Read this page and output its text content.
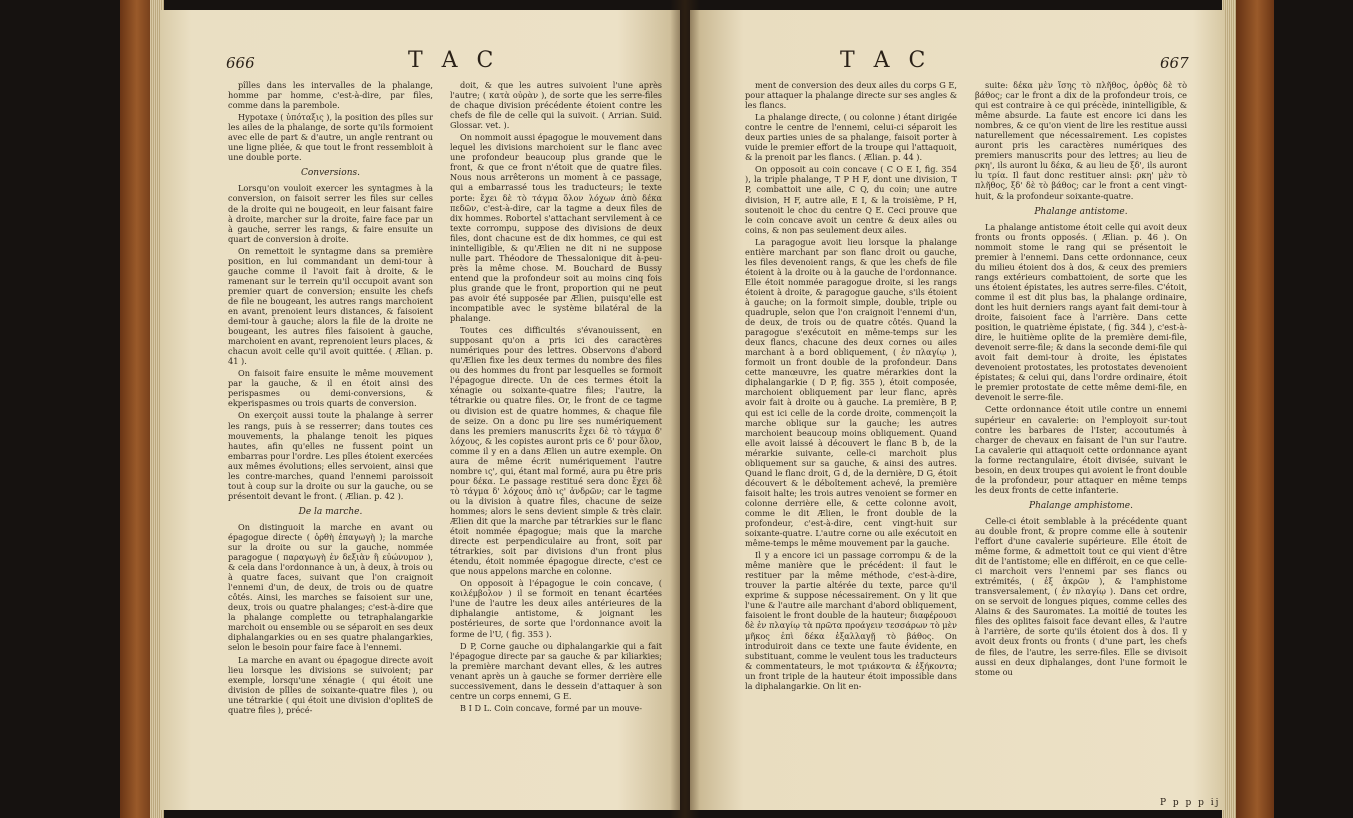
666	T A C

pîlles dans les intervalles de la phalange, homme par homme, c'est-à-dire, par files, comme dans la parembole.

Hypotaxe ( ὑπόταξις ), la position des pîles sur les ailes de la phalange, de sorte qu'ils formoient avec elle de part & d'autre, un angle rentrant ou une ligne pliée, & que tout le front ressembloit à une double porte.

Conversions.

Lorsqu'on vouloit exercer les syntagmes à la conversion, on faisoit serrer les files sur celles de la droite qui ne bougeoit, en leur faisant faire à droite, marcher sur la droite, faire face par un à gauche, serrer les rangs, & faire ensuite un quart de conversion à droite.

On remettoit le syntagme dans sa première position, en lui commandant un demi-tour à gauche comme il l'avoit fait à droite, & le ramenant sur le terrein qu'il occupoit avant son premier quart de conversion; ensuite les chefs de file ne bougeant, les autres rangs marchoient en avant, prenoient leurs distances, & faisoient demi-tour à gauche; alors la file de la droite ne bougeant, les autres files faisoient à gauche, marchoient en avant, reprenoient leurs places, & chacun avoit celle qu'il avoit quittée. ( Ælian. p. 41 ).

On faisoit faire ensuite le même mouvement par la gauche, & il en étoit ainsi des perispasmes ou demi-conversions, & ekperispasmes ou trois quarts de conversion.

On exerçoit aussi toute la phalange à serrer les rangs, puis à se resserrer; dans toutes ces mouvements, la phalange tenoit les piques hautes, afin qu'elles ne fussent point un embarras pour l'ordre. Les pîles étoient exercées aux mêmes évolutions; elles servoient, ainsi que les contre-marches, quand l'ennemi paroissoit tout à coup sur la droite ou sur la gauche, ou se présentoit devant le front. ( Ælian. p. 42 ).

De la marche.

On distinguoit la marche en avant ou épagogue directe ( ὀρθὴ ἐπαγωγὴ ); la marche sur la droite ou sur la gauche, nommée paragogue ( παραγωγὴ ἐν δεξιὰν ἢ εὐώνυμον ), & cela dans l'ordonnance à un, à deux, à trois ou à quatre faces, suivant que l'on craignoit l'ennemi d'un, de deux, de trois ou de quatre côtés. Ainsi, les marches se faisoient sur une, deux, trois ou quatre phalanges; c'est-à-dire que la phalange complette ou tetraphalangarkie marchoit ou ensemble ou se séparoit en ses deux diphalangarkies ou en ses quatre phalangarkies, selon le besoin pour faire face à l'ennemi.

La marche en avant ou épagogue directe avoit lieu lorsque les divisions se suivoient; par exemple, lorsqu'une xénagie ( qui étoit une division de pîlles de soixante-quatre files ), ou une tétrarkie ( qui étoit une division d'opliteS de quatre files ), précé-

doit, & que les autres suivoient l'une après l'autre; ( κατὰ οὐρὰν ), de sorte que les serre-files de chaque division précédente étoient contre les chefs de file de celle qui la suivoit. ( Arrian. Suid. Glossar. vet. ).

On nommoit aussi épagogue le mouvement dans lequel les divisions marchoient sur le flanc avec une profondeur beaucoup plus grande que le front, & que ce front n'étoit que de quatre files. Nous nous arrêterons un moment à ce passage, qui a embarrassé tous les traducteurs; le texte porte: ἔχει δὲ τὸ τάγμα ὅλον λόχων ἀπὸ δέκα πεδῶν, c'est-à-dire, car la tagme a deux files de dix hommes. Robortel s'attachant servilement à ce texte corrompu, suppose des divisions de deux files, dont chacune est de dix hommes, ce qui est inintelligible, & qu'Ælien ne dit ni ne suppose nulle part. Théodore de Thessalonique dit à-peu-près la même chose. M. Bouchard de Bussy entend que la profondeur soit au moins cinq fois plus grande que le front, proportion qui ne peut pas avoir été supposée par Ælien, puisqu'elle est incompatible avec le système bilatéral de la phalange.

Toutes ces difficultés s'évanouissent, en supposant qu'on a pris ici des caractères numériques pour des lettres. Observons d'abord qu'Ælien fixe les deux termes du nombre des files ou des hommes du front par lesquelles se formoit l'épagogue directe. Un de ces termes étoit la xénagie ou soixante-quatre files; l'autre, la tétrarkie ou quatre files. Or, le front de ce tagme ou division est de quatre hommes, & chaque file de seize. On a donc pu lire ses numériquement dans les premiers manuscrits ἔχει δὲ τὸ τάγμα δ' λόχους, & les copistes auront pris ce δ' pour ὅλον, comme il y en a dans Ælien un autre exemple. On aura de même écrit numériquement l'autre nombre ις', qui, étant mal formé, aura pu être pris pour δέκα. Le passage restitué sera donc ἔχει δὲ τὸ τάγμα δ' λόχους ἀπὸ ις' ἀνδρῶν; car le tagme ou la division à quatre files, chacune de seize hommes; alors le sens devient simple & très clair. Ælien dit que la marche par tétrarkies sur le flanc étoit nommée épagogue; mais que la marche directe est perpendiculaire au front, soit par tétrarkies, soit par divisions d'un front plus étendu, étoit nommée épagogue directe, c'est ce que nous appelons marche en colonne.

On opposoit à l'épagogue le coin concave, ( κοιλέμβολον ) il se formoit en tenant écartées l'une de l'autre les deux ailes antérieures de la diphalangie antistome, & joignant les postérieures, de sorte que l'ordonnance avoit la forme de l'U, ( fig. 353 ).

D P, Corne gauche ou diphalangarkie qui a fait l'épagogue directe par sa gauche & par kiliarkies; la première marchant devant elles, & les autres venant après un à gauche se former derrière elle successivement, dans le dessein d'attaquer à son centre un corps ennemi, G E.

B I D L. Coin concave, formé par un mouve-

T A C	667

ment de conversion des deux ailes du corps G E, pour attaquer la phalange directe sur ses angles & les flancs.

La phalange directe, ( ou colonne ) étant dirigée contre le centre de l'ennemi, celui-ci séparoit les deux parties unies de sa phalange, faisoit porter à vuide le premier effort de la troupe qui l'attaquoit, & la prenoit par les flancs. ( Ælian. p. 44 ).

On opposoit au coin concave ( C O E I, fig. 354 ), la triple phalange, T P H F, dont une division, T P, combattoit une aile, C Q, du coin; une autre division, H F, autre aile, E I, & la troisième, P H, soutenoit le choc du centre Q E. Ceci prouve que le coin concave avoit un centre & deux ailes ou coins, & non pas seulement deux ailes.

La paragogue avoit lieu lorsque la phalange entière marchant par son flanc droit ou gauche, les files devenoient rangs, & que les chefs de file étoient à la droite ou à la gauche de l'ordonnance. Elle étoit nommée paragogue droite, si les rangs étoient à droite, & paragogue gauche, s'ils étoient à gauche; on la formoit simple, double, triple ou quadruple, selon que l'on craignoit l'ennemi d'un, de deux, de trois ou de quatre côtés. Quand la paragogue s'exécutoit en même-temps sur les deux flancs, chacune des deux cornes ou ailes marchant à a bord obliquement, ( ἐν πλαγίῳ ), formoit un front double de la profondeur. Dans cette manœuvre, les quatre mérarkies dont la diphalangarkie ( D P, fig. 355 ), étoit composée, marchoient obliquement par leur flanc, après avoir fait à droite ou à gauche. La première, B P, qui est ici celle de la corde droite, commençoit la marche oblique sur la gauche; les autres marchoient beaucoup moins obliquement. Quand elle avoit laissé à découvert le flanc B b, de la mérarkie suivante, celle-ci marchoit plus obliquement sur sa gauche, & ainsi des autres. Quand le flanc droit, G d, de la dernière, D G, étoit découvert & le déboîtement achevé, la première faisoit halte; les trois autres venoient se former en colonne derrière elle, & cette colonne avoit, comme le dit Ælien, le front double de la profondeur, c'est-à-dire, cent vingt-huit sur soixante-quatre. L'autre corne ou aile exécutoit en même-temps le même mouvement par la gauche.

Il y a encore ici un passage corrompu & de la même manière que le précédent: il faut le restituer par la même méthode, c'est-à-dire, trouver la partie altérée du texte, parce qu'il exprime & suppose nécessairement. On y lit que l'une & l'autre aile marchant d'abord obliquement, faisoient le front double de la hauteur; διαφέρουσι δὲ ἐν πλαγίῳ τὰ πρῶτα προάγειν τεσσάρων τὸ μὲν μῆκος ἐπὶ δέκα ἑξαλλαγῇ τὸ βάθος. On introduiroit dans ce texte une faute évidente, en substituant, comme le veulent tous les traducteurs & commentateurs, le mot τριάκοντα & ἑξήκοντα; un front triple de la hauteur étoit impossible dans la diphalangarkie. On lit en-

suite: δέκα μὲν ἴσης τὸ πλῆθος, ὀρθὸς δὲ τὸ βάθος; car le front a dix de la profondeur trois, ce qui est contraire à ce qui précède, inintelligible, & même absurde. La faute est encore ici dans les nombres, & ce qu'on vient de lire les restitue aussi naturellement que nécessairement. Les copistes auront pris les caractères numériques des premiers manuscrits pour des lettres; au lieu de ρκη', ils auront lu δέκα, & au lieu de ξδ', ils auront lu τρία. Il faut donc restituer ainsi: ρκη' μὲν τὸ πλῆθος, ξδ' δὲ τὸ βάθος; car le front a cent vingt-huit, & la profondeur soixante-quatre.

Phalange antistome.

La phalange antistome étoit celle qui avoit deux fronts ou fronts opposés. ( Ælian. p. 46 ). On nommoit stome le rang qui se présentoit le premier à l'ennemi. Dans cette ordonnance, ceux du milieu étoient dos à dos, & ceux des premiers rangs extérieurs combattoient, de sorte que les uns étoient épistates, les autres serre-files. C'étoit, comme il est dit plus bas, la phalange ordinaire, dont les huit derniers rangs ayant fait demi-tour à droite, faisoient face à l'arrière. Dans cette position, le quatrième épistate, ( fig. 344 ), c'est-à-dire, le huitième oplite de la première demi-file, devenoit serre-file; & dans la seconde demi-file qui avoit fait demi-tour à droite, les épistates devenoient protostates, les protostates devenoient épistates; & celui qui, dans l'ordre ordinaire, étoit le premier protostate de cette même demi-file, en devenoit le serre-file.

Cette ordonnance étoit utile contre un ennemi supérieur en cavalerie: on l'employoit sur-tout contre les barbares de l'Ister, accoutumés à charger de chevaux en faisant de l'un sur l'autre. La cavalerie qui attaquoit cette ordonnance ayant la forme rectangulaire, étoit divisée, suivant le besoin, en deux troupes qui avoient le front double de la profondeur, pour attaquer en même temps les deux fronts de cette infanterie.

Phalange amphistome.

Celle-ci étoit semblable à la précédente quant au double front, & propre comme elle à soutenir l'effort d'une cavalerie supérieure. Elle étoit de même forme, & admettoit tout ce qui vient d'être dit de l'antistome; elle en différoit, en ce que celle-ci marchoit vers l'ennemi par ses flancs ou extrémités, ( ἐξ ἀκρῶν ), & l'amphistome transversalement, ( ἐν πλαγίῳ ). Dans cet ordre, on se servoit de longues piques, comme celles des Alains & des Sauromates. La moitié de toutes les files des oplites faisoit face devant elles, & l'autre à l'arrière, de sorte qu'ils étoient dos à dos. Il y avoit deux fronts ou fronts ( d'une part, les chefs de files, de l'autre, les serre-files. Elle se divisoit aussi en deux diphalanges, dont l'une formoit le stome ou

P p p p ij
